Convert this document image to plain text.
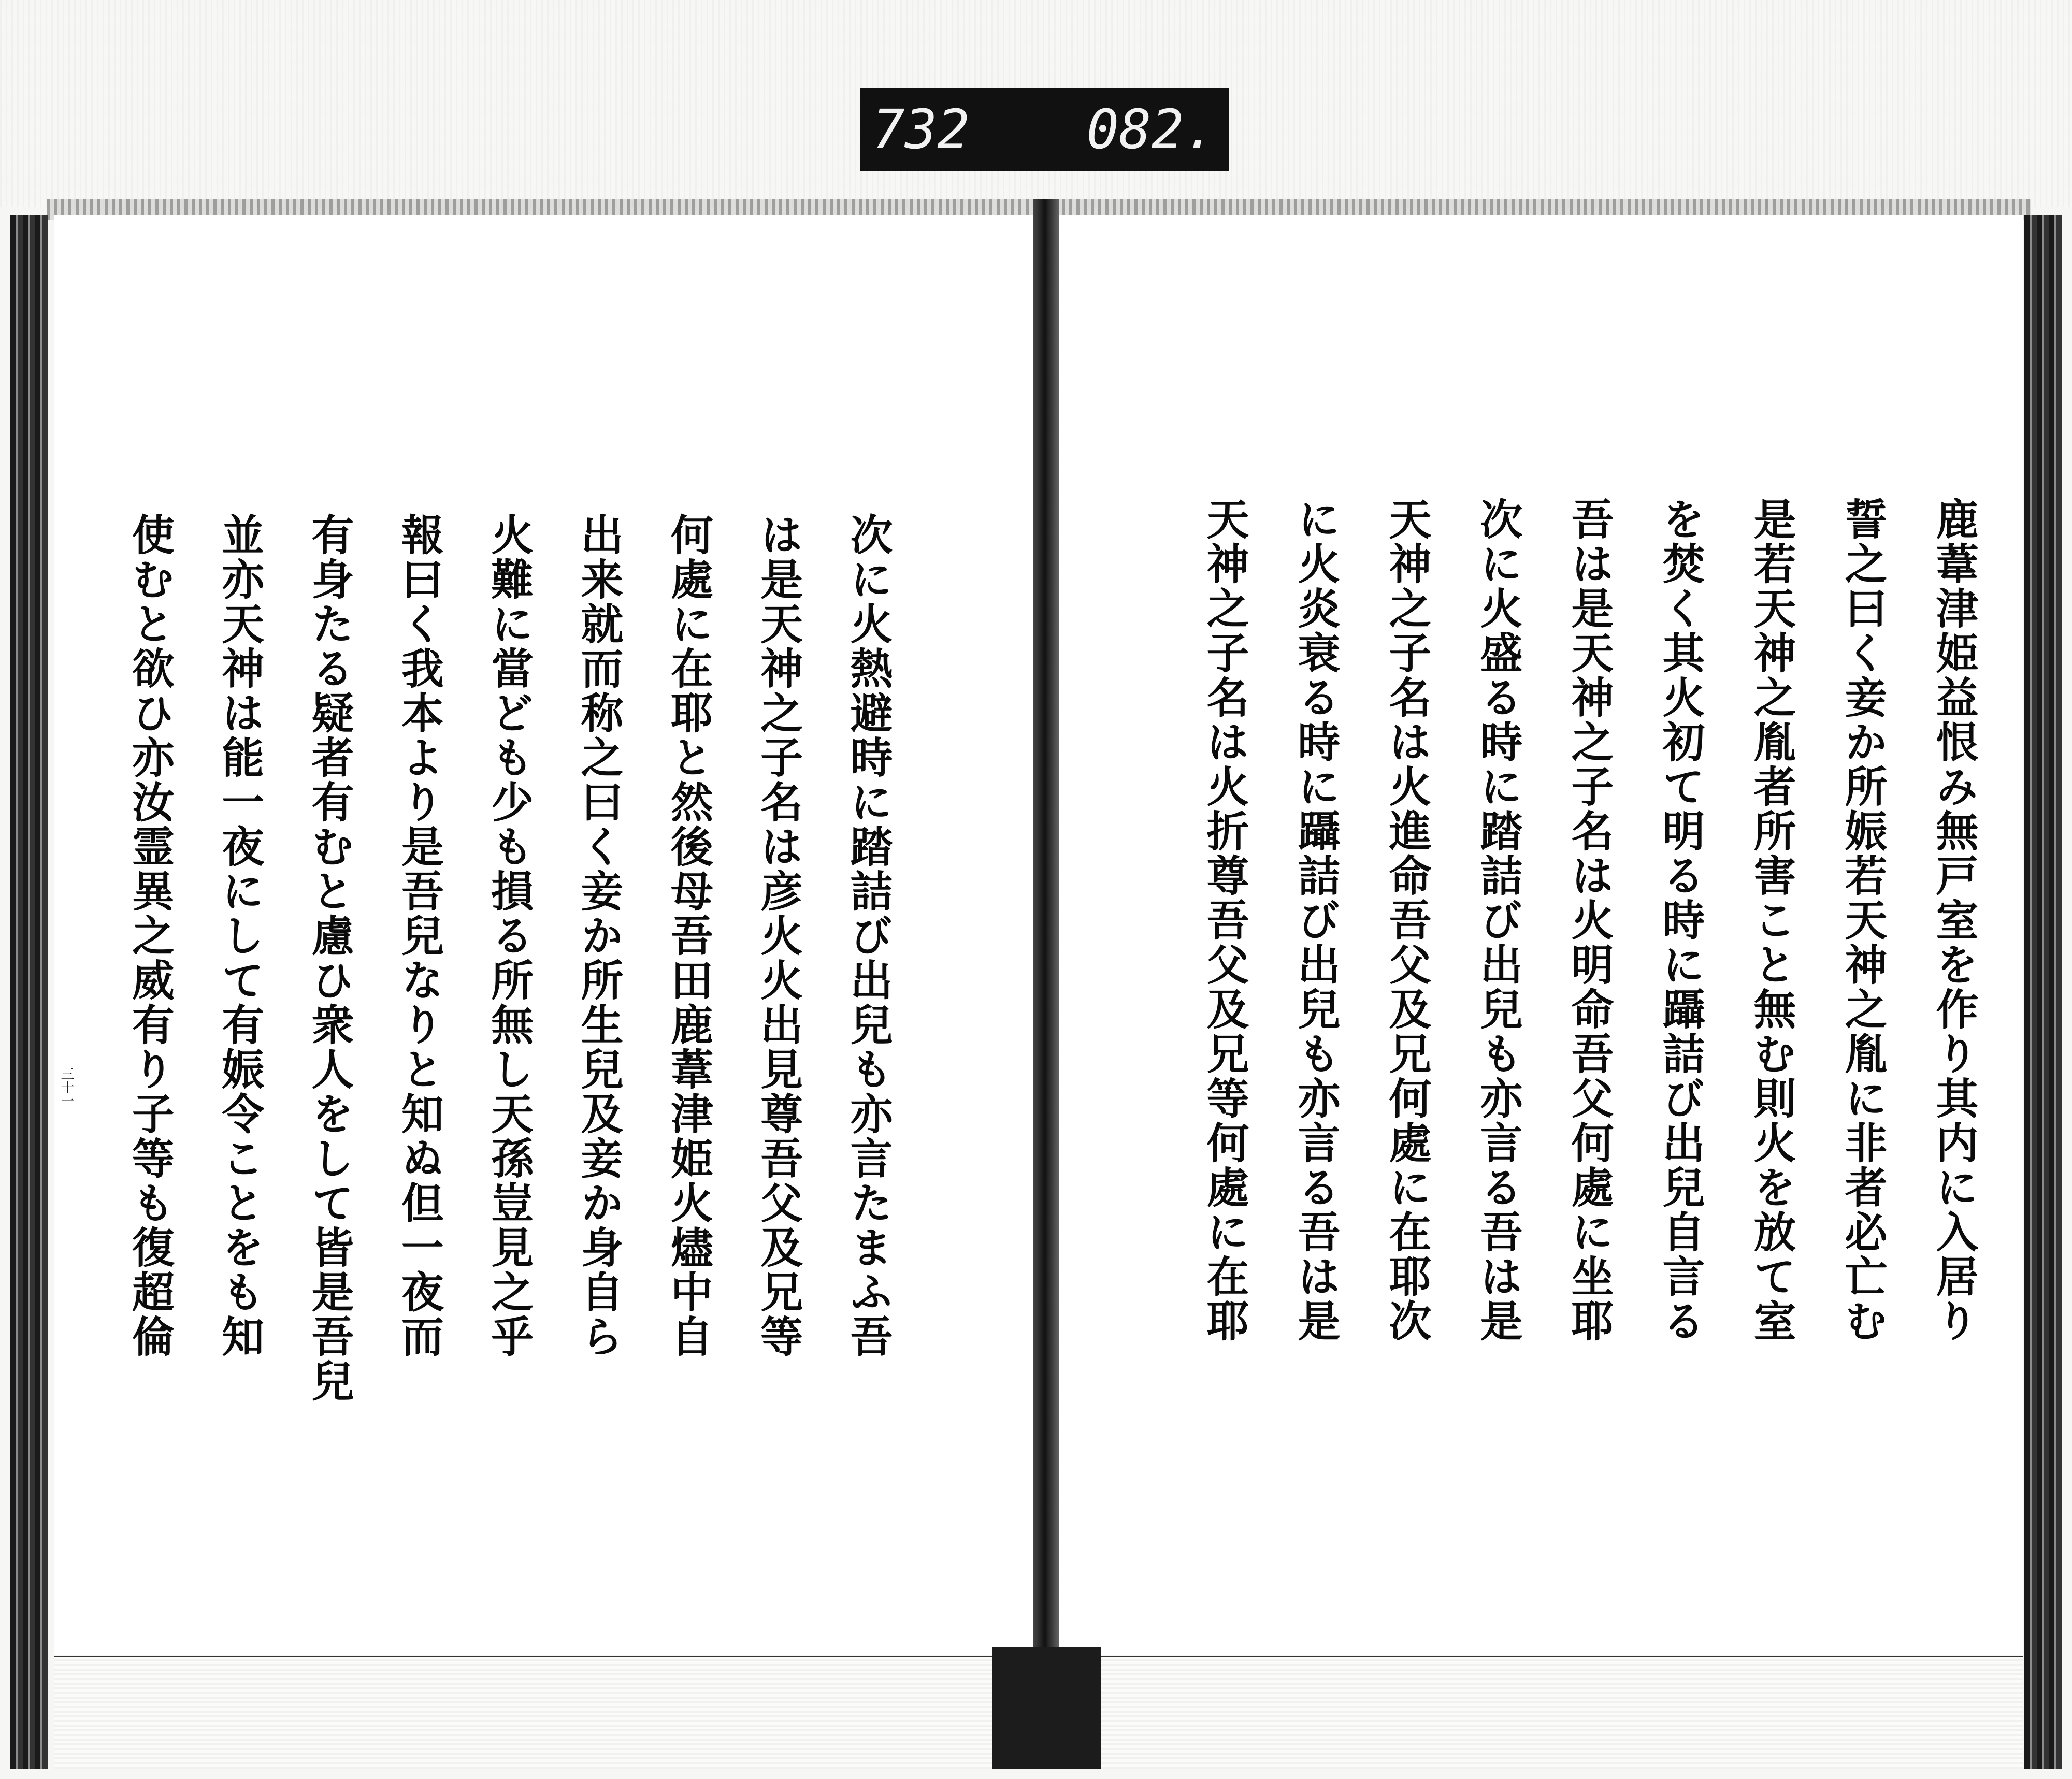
732 082.
三十一	次に火熱避時に踏詰び出兒も亦言たまふ吾
は是天神之子名は彦火火出見尊吾父及兄等
何處に在耶と然後母吾田鹿葦津姫火燼中自
出来就而称之曰く妾か所生兒及妾か身自ら
火難に當ども少も損る所無し天孫豈見之乎
報曰く我本より是吾兒なりと知ぬ但一夜而
有身たる疑者有むと慮ひ衆人をして皆是吾兒
並亦天神は能一夜にして有娠令ことをも知
使むと欲ひ亦汝霊異之威有り子等も復超倫	鹿葦津姫益恨み無戸室を作り其内に入居り
誓之曰く妾か所娠若天神之胤に非者必亡む
是若天神之胤者所害こと無む則火を放て室
を焚く其火初て明る時に躡詰び出兒自言る
吾は是天神之子名は火明命吾父何處に坐耶
次に火盛る時に踏詰び出兒も亦言る吾は是
天神之子名は火進命吾父及兄何處に在耶次
に火炎衰る時に躡詰び出兒も亦言る吾は是
天神之子名は火折尊吾父及兄等何處に在耶
